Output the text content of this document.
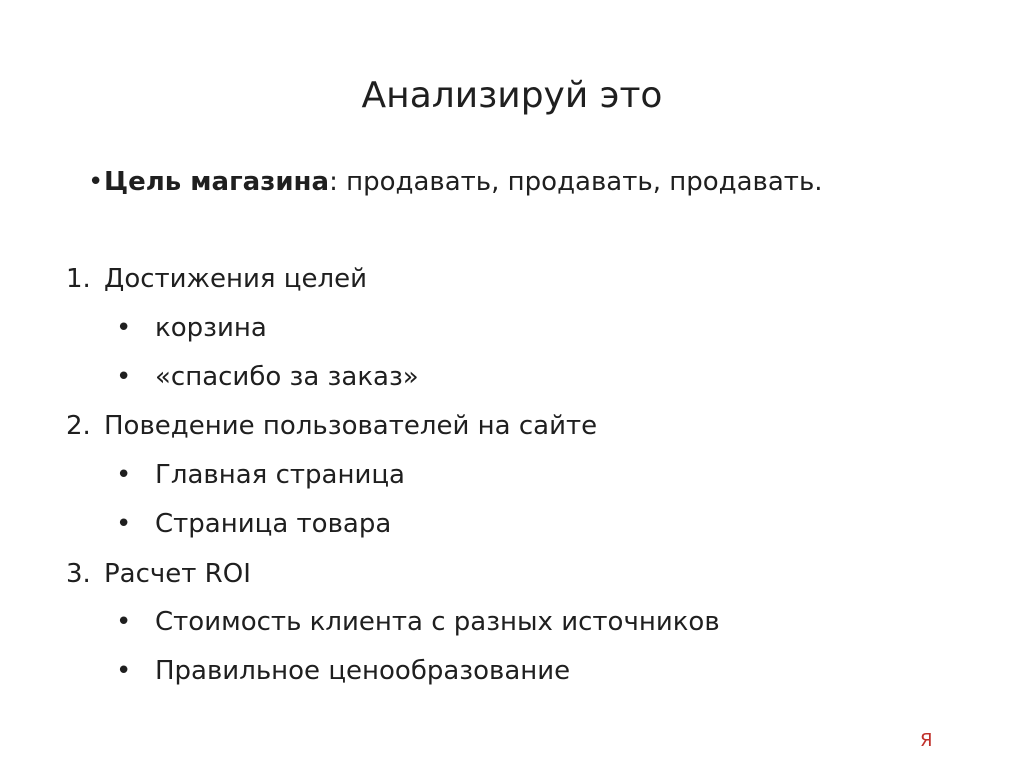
Анализируй это
• Цель магазина: продавать, продавать, продавать.
1. Достижения целей
• корзина
• «спасибо за заказ»
2. Поведение пользователей на сайте
• Главная страница
• Страница товара
3. Расчет ROI
• Стоимость клиента с разных источников
• Правильное ценообразование
Я
